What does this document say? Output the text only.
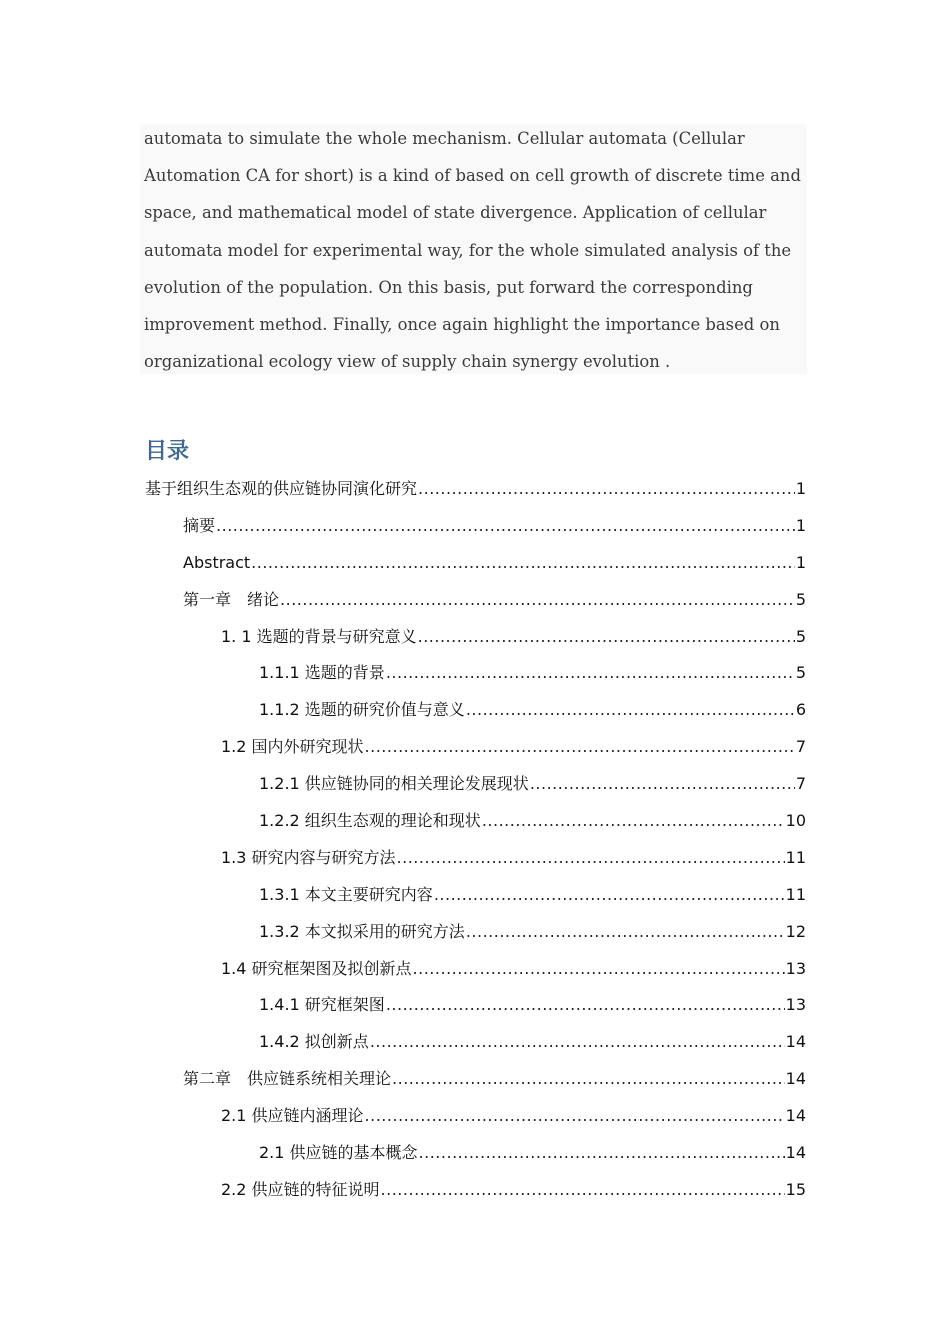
automata to simulate the whole mechanism. Cellular automata (Cellular
Automation CA for short) is a kind of based on cell growth of discrete time and
space, and mathematical model of state divergence. Application of cellular
automata model for experimental way, for the whole simulated analysis of the
evolution of the population. On this basis, put forward the corresponding
improvement method. Finally, once again highlight the importance based on
organizational ecology view of supply chain synergy evolution .
目录
基于组织生态观的供应链协同演化研究 .....	1
摘要 .....	1
Abstract .....	1
第一章　绪论 .....	5
1. 1 选题的背景与研究意义 .....	5
1.1.1 选题的背景 .....	5
1.1.2 选题的研究价值与意义 .....	6
1.2 国内外研究现状 .....	7
1.2.1 供应链协同的相关理论发展现状 .....	7
1.2.2 组织生态观的理论和现状 .....	10
1.3 研究内容与研究方法 .....	11
1.3.1 本文主要研究内容 .....	11
1.3.2 本文拟采用的研究方法 .....	12
1.4 研究框架图及拟创新点 .....	13
1.4.1 研究框架图 .....	13
1.4.2 拟创新点 .....	14
第二章　供应链系统相关理论 .....	14
2.1 供应链内涵理论 .....	14
2.1 供应链的基本概念 .....	14
2.2 供应链的特征说明 .....	15
